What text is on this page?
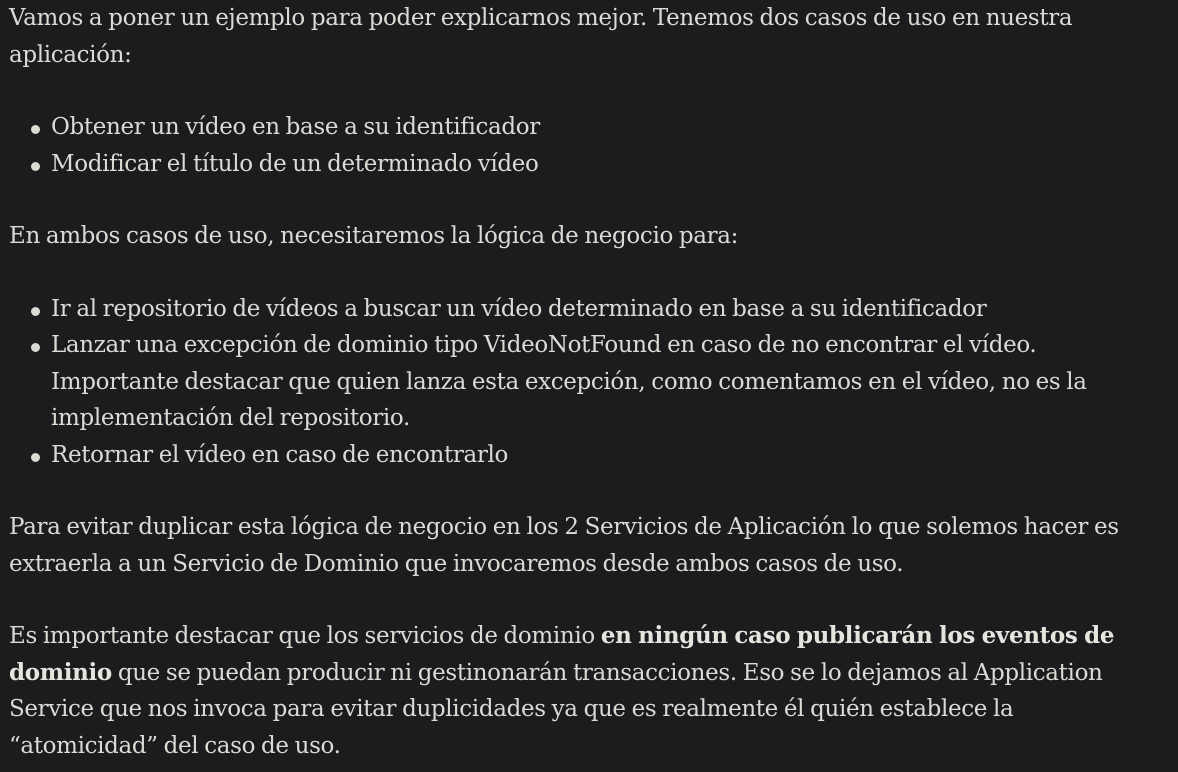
Vamos a poner un ejemplo para poder explicarnos mejor. Tenemos dos casos de uso en nuestra aplicación:

Obtener un vídeo en base a su identificador
Modificar el título de un determinado vídeo

En ambos casos de uso, necesitaremos la lógica de negocio para:

Ir al repositorio de vídeos a buscar un vídeo determinado en base a su identificador
Lanzar una excepción de dominio tipo VideoNotFound en caso de no encontrar el vídeo. Importante destacar que quien lanza esta excepción, como comentamos en el vídeo, no es la implementación del repositorio.
Retornar el vídeo en caso de encontrarlo

Para evitar duplicar esta lógica de negocio en los 2 Servicios de Aplicación lo que solemos hacer es extraerla a un Servicio de Dominio que invocaremos desde ambos casos de uso.

Es importante destacar que los servicios de dominio en ningún caso publicarán los eventos de dominio que se puedan producir ni gestinonarán transacciones. Eso se lo dejamos al Application Service que nos invoca para evitar duplicidades ya que es realmente él quién establece la “atomicidad” del caso de uso.
